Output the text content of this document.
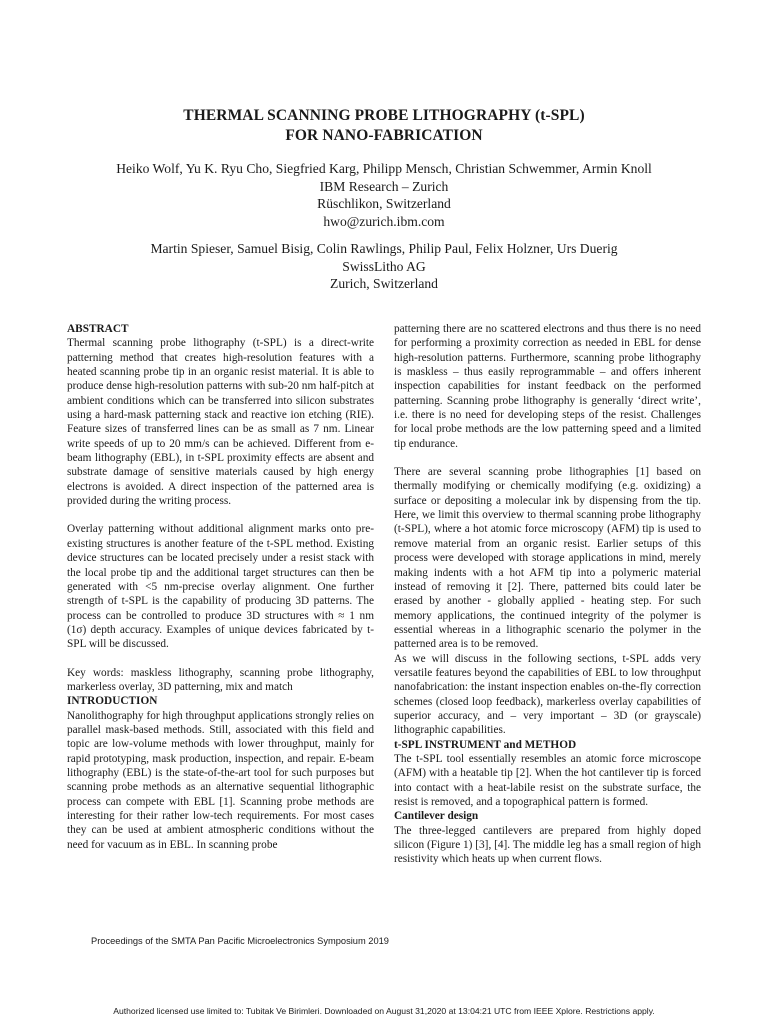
THERMAL SCANNING PROBE LITHOGRAPHY (t-SPL)
FOR NANO-FABRICATION
Heiko Wolf, Yu K. Ryu Cho, Siegfried Karg, Philipp Mensch, Christian Schwemmer, Armin Knoll
IBM Research – Zurich
Rüschlikon, Switzerland
hwo@zurich.ibm.com
Martin Spieser, Samuel Bisig, Colin Rawlings, Philip Paul, Felix Holzner, Urs Duerig
SwissLitho AG
Zurich, Switzerland

ABSTRACT

Thermal scanning probe lithography (t-SPL) is a direct-write patterning method that creates high-resolution features with a heated scanning probe tip in an organic resist material. It is able to produce dense high-resolution patterns with sub-20 nm half-pitch at ambient conditions which can be transferred into silicon substrates using a hard-mask patterning stack and reactive ion etching (RIE). Feature sizes of transferred lines can be as small as 7 nm. Linear write speeds of up to 20 mm/s can be achieved. Different from e-beam lithography (EBL), in t-SPL proximity effects are absent and substrate damage of sensitive materials caused by high energy electrons is avoided. A direct inspection of the patterned area is provided during the writing process.

Overlay patterning without additional alignment marks onto pre-existing structures is another feature of the t-SPL method. Existing device structures can be located precisely under a resist stack with the local probe tip and the additional target structures can then be generated with <5 nm-precise overlay alignment. One further strength of t-SPL is the capability of producing 3D patterns. The process can be controlled to produce 3D structures with ≈ 1 nm (1σ) depth accuracy. Examples of unique devices fabricated by t-SPL will be discussed.

Key words: maskless lithography, scanning probe lithography, markerless overlay, 3D patterning, mix and match

INTRODUCTION

Nanolithography for high throughput applications strongly relies on parallel mask-based methods. Still, associated with this field and topic are low-volume methods with lower throughput, mainly for rapid prototyping, mask production, inspection, and repair. E-beam lithography (EBL) is the state-of-the-art tool for such purposes but scanning probe methods as an alternative sequential lithographic process can compete with EBL [1]. Scanning probe methods are interesting for their rather low-tech requirements. For most cases they can be used at ambient atmospheric conditions without the need for vacuum as in EBL. In scanning probe

patterning there are no scattered electrons and thus there is no need for performing a proximity correction as needed in EBL for dense high-resolution patterns. Furthermore, scanning probe lithography is maskless – thus easily reprogrammable – and offers inherent inspection capabilities for instant feedback on the performed patterning. Scanning probe lithography is generally ‘direct write’, i.e. there is no need for developing steps of the resist. Challenges for local probe methods are the low patterning speed and a limited tip endurance.

There are several scanning probe lithographies [1] based on thermally modifying or chemically modifying (e.g. oxidizing) a surface or depositing a molecular ink by dispensing from the tip. Here, we limit this overview to thermal scanning probe lithography (t-SPL), where a hot atomic force microscopy (AFM) tip is used to remove material from an organic resist. Earlier setups of this process were developed with storage applications in mind, merely making indents with a hot AFM tip into a polymeric material instead of removing it [2]. There, patterned bits could later be erased by another - globally applied - heating step. For such memory applications, the continued integrity of the polymer is essential whereas in a lithographic scenario the polymer in the patterned area is to be removed.

As we will discuss in the following sections, t-SPL adds very versatile features beyond the capabilities of EBL to low throughput nanofabrication: the instant inspection enables on-the-fly correction schemes (closed loop feedback), markerless overlay capabilities of superior accuracy, and – very important – 3D (or grayscale) lithographic capabilities.

t-SPL INSTRUMENT and METHOD

The t-SPL tool essentially resembles an atomic force microscope (AFM) with a heatable tip [2]. When the hot cantilever tip is forced into contact with a heat-labile resist on the substrate surface, the resist is removed, and a topographical pattern is formed.

Cantilever design

The three-legged cantilevers are prepared from highly doped silicon (Figure 1) [3], [4]. The middle leg has a small region of high resistivity which heats up when current flows.

Proceedings of the SMTA Pan Pacific Microelectronics Symposium 2019
Authorized licensed use limited to: Tubitak Ve Birimleri. Downloaded on August 31,2020 at 13:04:21 UTC from IEEE Xplore. Restrictions apply.
